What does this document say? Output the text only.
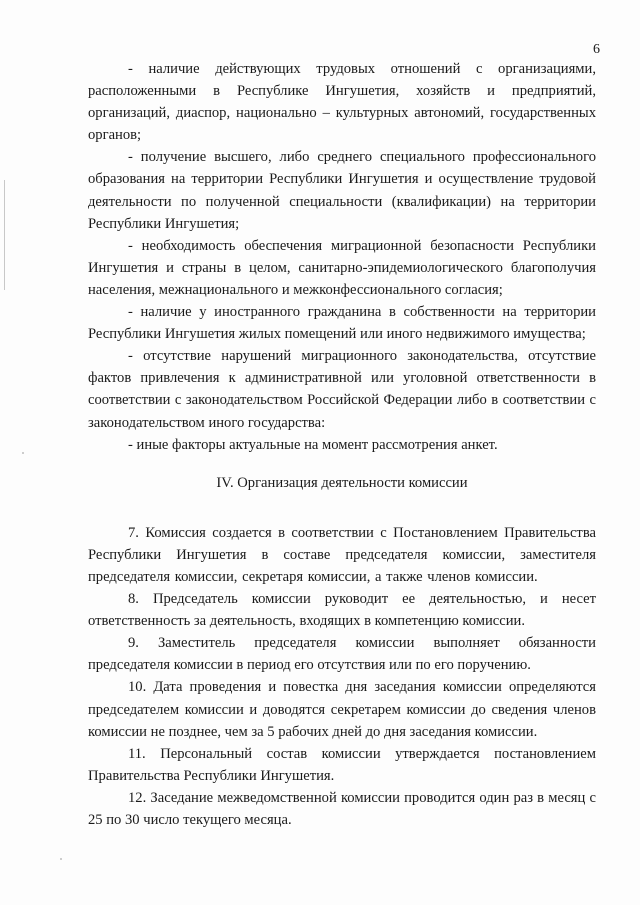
6

- наличие действующих трудовых отношений с организациями, расположенными в Республике Ингушетия, хозяйств и предприятий, организаций, диаспор, национально – культурных автономий, государственных органов;

- получение высшего, либо среднего специального профессионального образования на территории Республики Ингушетия и осуществление трудовой деятельности по полученной специальности (квалификации) на территории Республики Ингушетия;

- необходимость обеспечения миграционной безопасности Республики Ингушетия и страны в целом, санитарно-эпидемиологического благополучия населения, межнационального и межконфессионального согласия;

- наличие у иностранного гражданина в собственности на территории Республики Ингушетия жилых помещений или иного недвижимого имущества;

- отсутствие нарушений миграционного законодательства, отсутствие фактов привлечения к административной или уголовной ответственности в соответствии с законодательством Российской Федерации либо в соответствии с законодательством иного государства:

- иные факторы актуальные на момент рассмотрения анкет.

IV. Организация деятельности комиссии

7. Комиссия создается в соответствии с Постановлением Правительства Республики Ингушетия в составе председателя комиссии, заместителя председателя комиссии, секретаря комиссии, а также членов комиссии.

8. Председатель комиссии руководит ее деятельностью, и несет ответственность за деятельность, входящих в компетенцию комиссии.

9. Заместитель председателя комиссии выполняет обязанности председателя комиссии в период его отсутствия или по его поручению.

10. Дата проведения и повестка дня заседания комиссии определяются председателем комиссии и доводятся секретарем комиссии до сведения членов комиссии не позднее, чем за 5 рабочих дней до дня заседания комиссии.

11. Персональный состав комиссии утверждается постановлением Правительства Республики Ингушетия.

12. Заседание межведомственной комиссии проводится один раз в месяц с 25 по 30 число текущего месяца.
